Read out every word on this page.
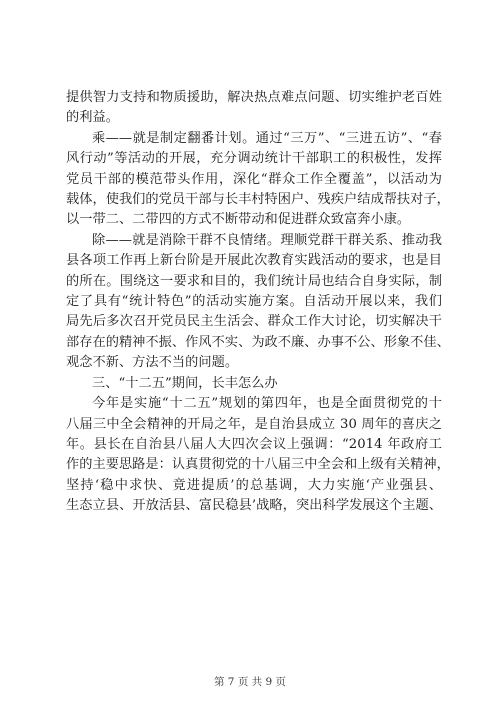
提供智力支持和物质援助，解决热点难点问题、切实维护老百姓
的利益。
乘——就是制定翻番计划。通过“三万”、“三进五访”、“春
风行动”等活动的开展，充分调动统计干部职工的积极性，发挥
党员干部的模范带头作用，深化“群众工作全覆盖”，以活动为
载体，使我们的党员干部与长丰村特困户、残疾户结成帮扶对子，
以一带二、二带四的方式不断带动和促进群众致富奔小康。
除——就是消除干群不良情绪。理顺党群干群关系、推动我
县各项工作再上新台阶是开展此次教育实践活动的要求，也是目
的所在。围绕这一要求和目的，我们统计局也结合自身实际，制
定了具有“统计特色”的活动实施方案。自活动开展以来，我们
局先后多次召开党员民主生活会、群众工作大讨论，切实解决干
部存在的精神不振、作风不实、为政不廉、办事不公、形象不佳、
观念不新、方法不当的问题。
三、“十二五”期间，长丰怎么办
今年是实施“十二五”规划的第四年，也是全面贯彻党的十
八届三中全会精神的开局之年，是自治县成立 30 周年的喜庆之
年。县长在自治县八届人大四次会议上强调：“2014 年政府工
作的主要思路是：认真贯彻党的十八届三中全会和上级有关精神，
坚持‘稳中求快、竟进提质’的总基调，大力实施‘产业强县、
生态立县、开放活县、富民稳县’战略，突出科学发展这个主题、
第 7 页 共 9 页
